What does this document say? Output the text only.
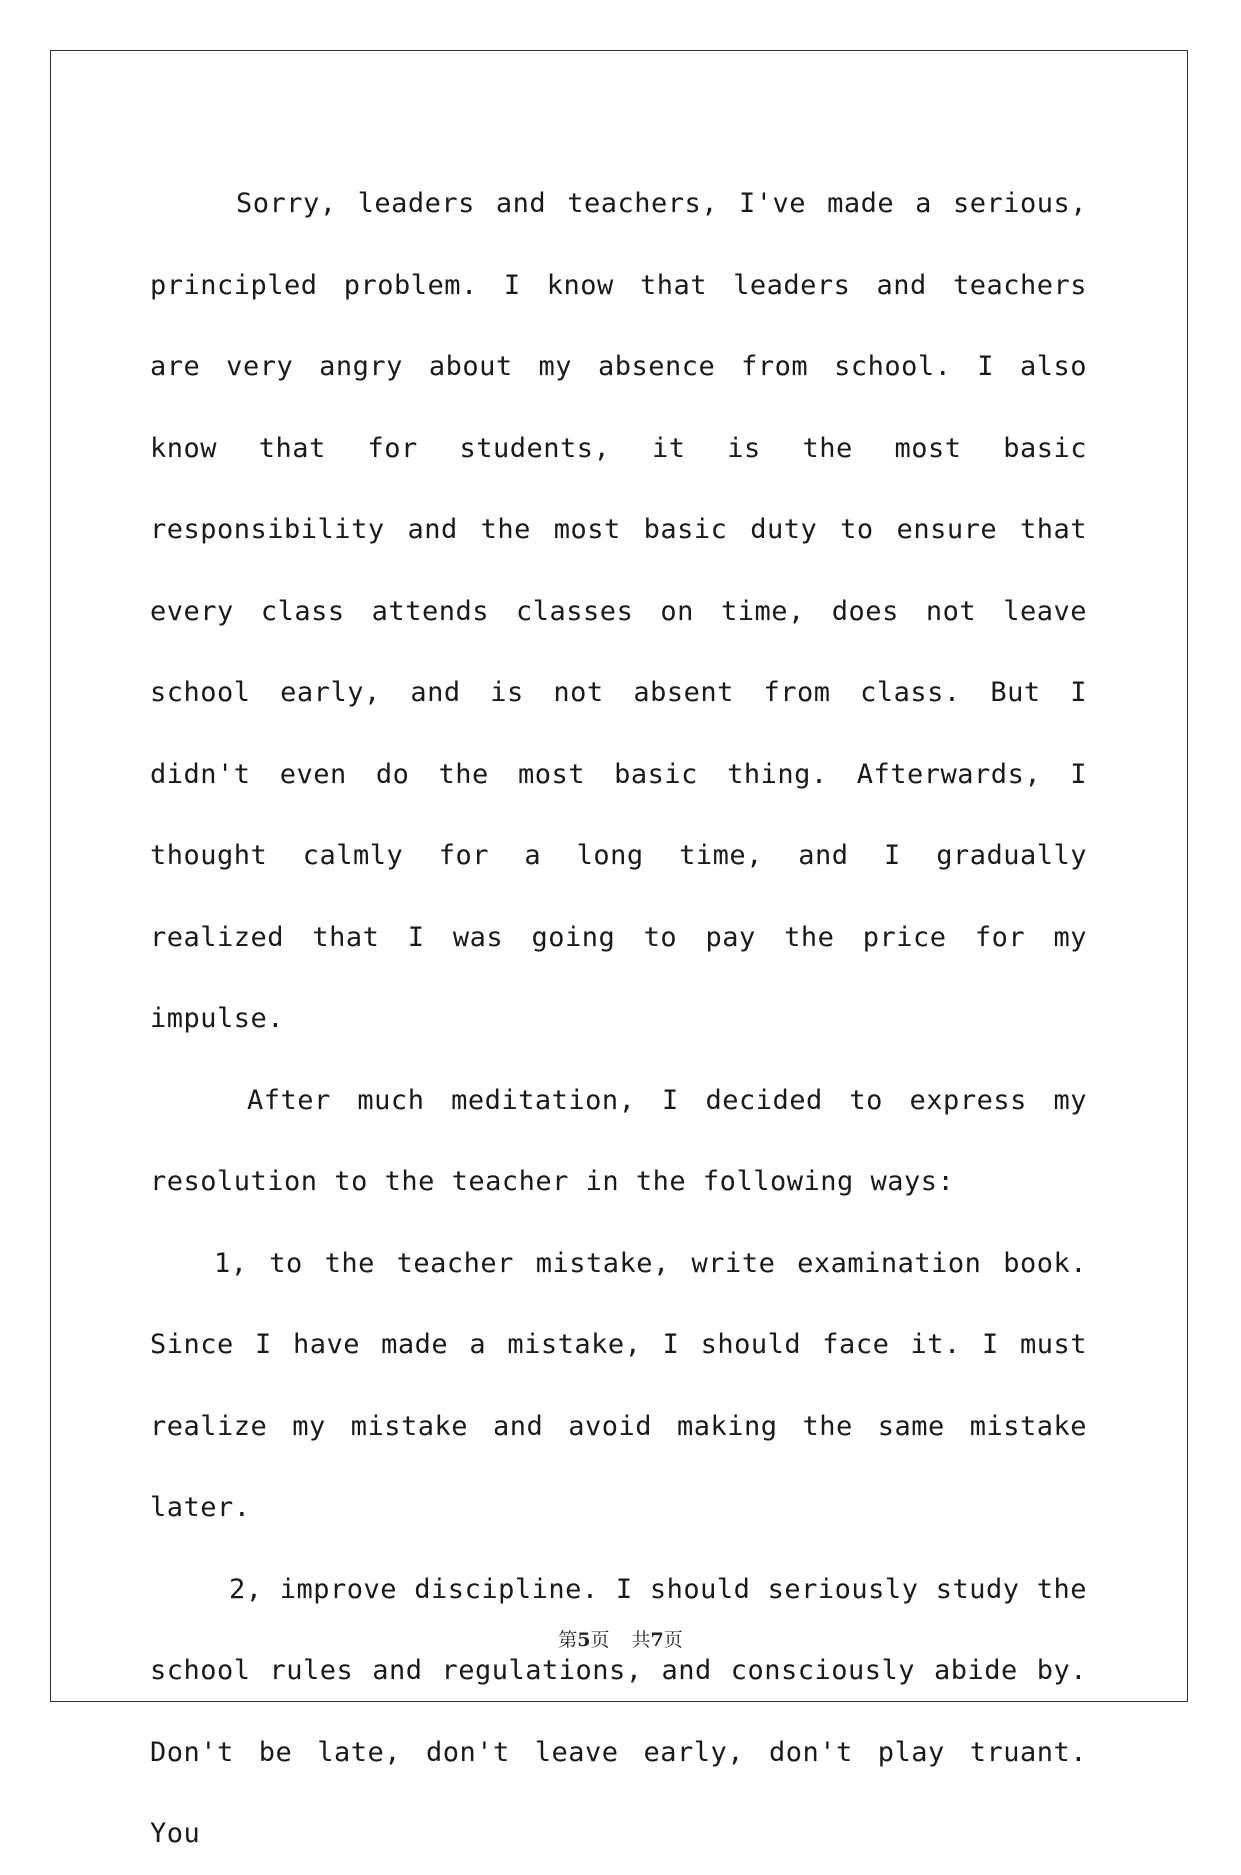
Sorry, leaders and teachers, I've made a serious, principled problem. I know that leaders and teachers are very angry about my absence from school. I also know that for students, it is the most basic responsibility and the most basic duty to ensure that every class attends classes on time, does not leave school early, and is not absent from class. But I didn't even do the most basic thing. Afterwards, I thought calmly for a long time, and I gradually realized that I was going to pay the price for my impulse.

After much meditation, I decided to express my resolution to the teacher in the following ways:

1, to the teacher mistake, write examination book. Since I have made a mistake, I should face it. I must realize my mistake and avoid making the same mistake later.

2, improve discipline. I should seriously study the school rules and regulations, and consciously abide by. Don't be late, don't leave early, don't play truant. You

第5页 共7页
